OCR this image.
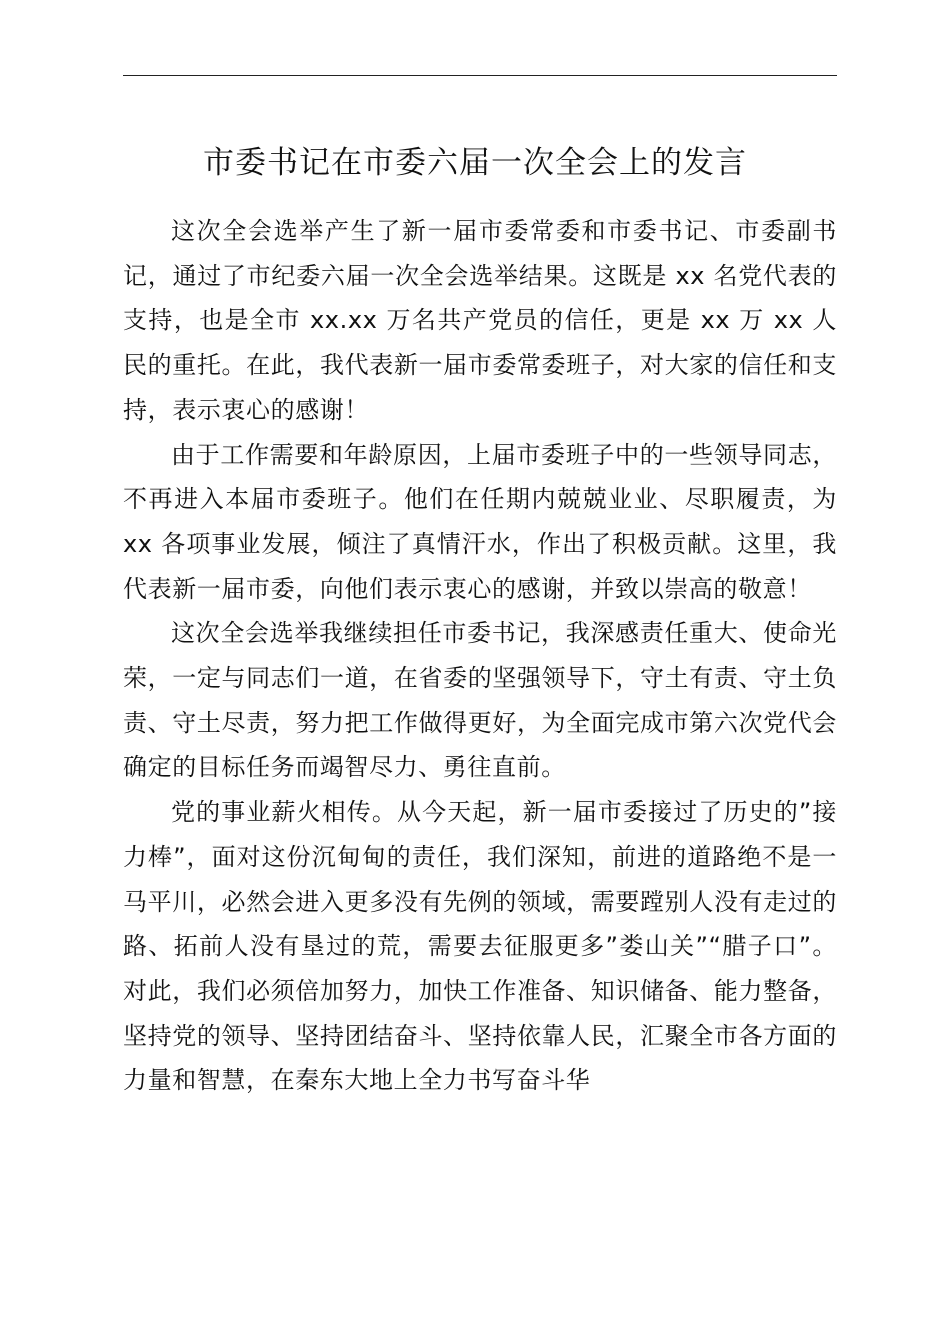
市委书记在市委六届一次全会上的发言

这次全会选举产生了新一届市委常委和市委书记、市委副书记，通过了市纪委六届一次全会选举结果。这既是 xx 名党代表的支持，也是全市 xx.xx 万名共产党员的信任，更是 xx 万 xx 人民的重托。在此，我代表新一届市委常委班子，对大家的信任和支持，表示衷心的感谢！

由于工作需要和年龄原因，上届市委班子中的一些领导同志，不再进入本届市委班子。他们在任期内兢兢业业、尽职履责，为 xx 各项事业发展，倾注了真情汗水，作出了积极贡献。这里，我代表新一届市委，向他们表示衷心的感谢，并致以崇高的敬意！

这次全会选举我继续担任市委书记，我深感责任重大、使命光荣，一定与同志们一道，在省委的坚强领导下，守土有责、守土负责、守土尽责，努力把工作做得更好，为全面完成市第六次党代会确定的目标任务而竭智尽力、勇往直前。

党的事业薪火相传。从今天起，新一届市委接过了历史的”接力棒”，面对这份沉甸甸的责任，我们深知，前进的道路绝不是一马平川，必然会进入更多没有先例的领域，需要蹚别人没有走过的路、拓前人没有垦过的荒，需要去征服更多”娄山关”“腊子口”。对此，我们必须倍加努力，加快工作准备、知识储备、能力整备，坚持党的领导、坚持团结奋斗、坚持依靠人民，汇聚全市各方面的力量和智慧，在秦东大地上全力书写奋斗华
